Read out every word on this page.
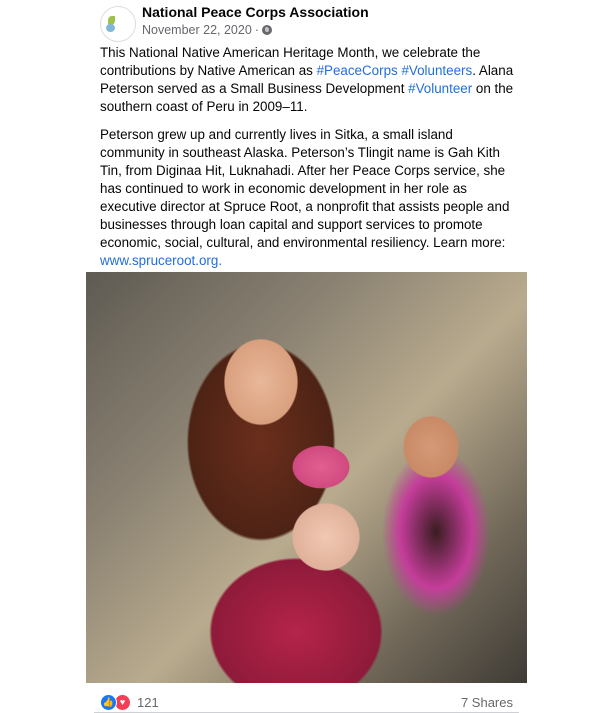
National Peace Corps Association
November 22, 2020 ·

This National Native American Heritage Month, we celebrate the contributions by Native American as #PeaceCorps #Volunteers. Alana Peterson served as a Small Business Development #Volunteer on the southern coast of Peru in 2009–11.

Peterson grew up and currently lives in Sitka, a small island community in southeast Alaska. Peterson’s Tlingit name is Gah Kith Tin, from Diginaa Hit, Luknahadi. After her Peace Corps service, she has continued to work in economic development in her role as executive director at Spruce Root, a nonprofit that assists people and businesses through loan capital and support services to promote economic, social, cultural, and environmental resiliency. Learn more: www.spruceroot.org.

👍 ♥ 121	7 Shares
